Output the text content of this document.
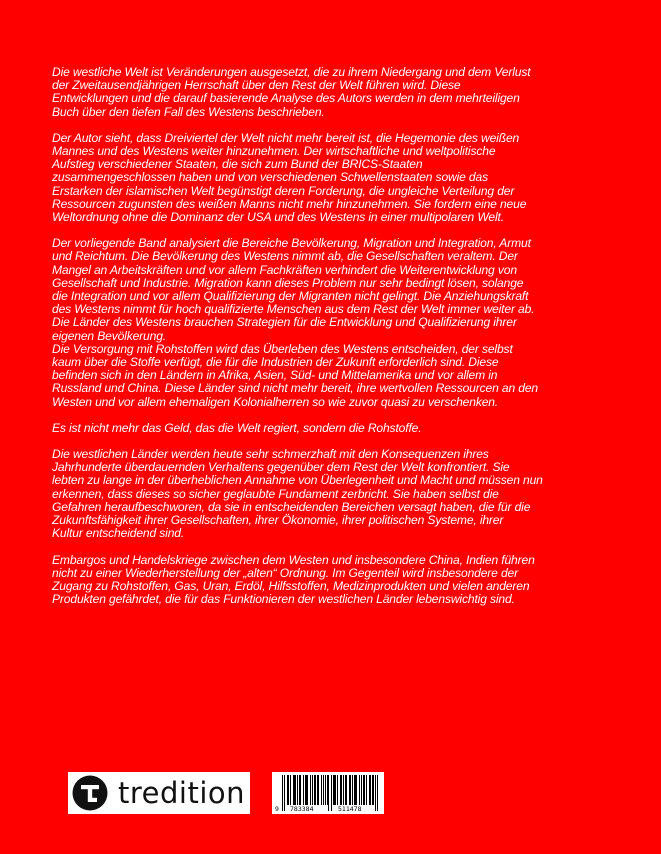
Die westliche Welt ist Veränderungen ausgesetzt, die zu ihrem Niedergang und dem Verlust
der Zweitausendjährigen Herrschaft über den Rest der Welt führen wird. Diese
Entwicklungen und die darauf basierende Analyse des Autors werden in dem mehrteiligen
Buch über den tiefen Fall des Westens beschrieben.

Der Autor sieht, dass Dreiviertel der Welt nicht mehr bereit ist, die Hegemonie des weißen
Mannes und des Westens weiter hinzunehmen. Der wirtschaftliche und weltpolitische
Aufstieg verschiedener Staaten, die sich zum Bund der BRICS-Staaten
zusammengeschlossen haben und von verschiedenen Schwellenstaaten sowie das
Erstarken der islamischen Welt begünstigt deren Forderung, die ungleiche Verteilung der
Ressourcen zugunsten des weißen Manns nicht mehr hinzunehmen. Sie fordern eine neue
Weltordnung ohne die Dominanz der USA und des Westens in einer multipolaren Welt.

Der vorliegende Band analysiert die Bereiche Bevölkerung, Migration und Integration, Armut
und Reichtum. Die Bevölkerung des Westens nimmt ab, die Gesellschaften veraltem. Der
Mangel an Arbeitskräften und vor allem Fachkräften verhindert die Weiterentwicklung von
Gesellschaft und Industrie. Migration kann dieses Problem nur sehr bedingt lösen, solange
die Integration und vor allem Qualifizierung der Migranten nicht gelingt. Die Anziehungskraft
des Westens nimmt für hoch qualifizierte Menschen aus dem Rest der Welt immer weiter ab.
Die Länder des Westens brauchen Strategien für die Entwicklung und Qualifizierung ihrer
eigenen Bevölkerung.

Die Versorgung mit Rohstoffen wird das Überleben des Westens entscheiden, der selbst
kaum über die Stoffe verfügt, die für die Industrien der Zukunft erforderlich sind. Diese
befinden sich in den Ländern in Afrika, Asien, Süd- und Mittelamerika und vor allem in
Russland und China. Diese Länder sind nicht mehr bereit, ihre wertvollen Ressourcen an den
Westen und vor allem ehemaligen Kolonialherren so wie zuvor quasi zu verschenken.

Es ist nicht mehr das Geld, das die Welt regiert, sondern die Rohstoffe.

Die westlichen Länder werden heute sehr schmerzhaft mit den Konsequenzen ihres
Jahrhunderte überdauernden Verhaltens gegenüber dem Rest der Welt konfrontiert. Sie
lebten zu lange in der überheblichen Annahme von Überlegenheit und Macht und müssen nun
erkennen, dass dieses so sicher geglaubte Fundament zerbricht. Sie haben selbst die
Gefahren heraufbeschworen, da sie in entscheidenden Bereichen versagt haben, die für die
Zukunftsfähigkeit ihrer Gesellschaften, ihrer Ökonomie, ihrer politischen Systeme, ihrer
Kultur entscheidend sind.

Embargos und Handelskriege zwischen dem Westen und insbesondere China, Indien führen
nicht zu einer Wiederherstellung der „alten“ Ordnung. Im Gegenteil wird insbesondere der
Zugang zu Rohstoffen, Gas, Uran, Erdöl, Hilfsstoffen, Medizinprodukten und vielen anderen
Produkten gefährdet, die für das Funktionieren der westlichen Länder lebenswichtig sind.

tredition	9 783384	511478
